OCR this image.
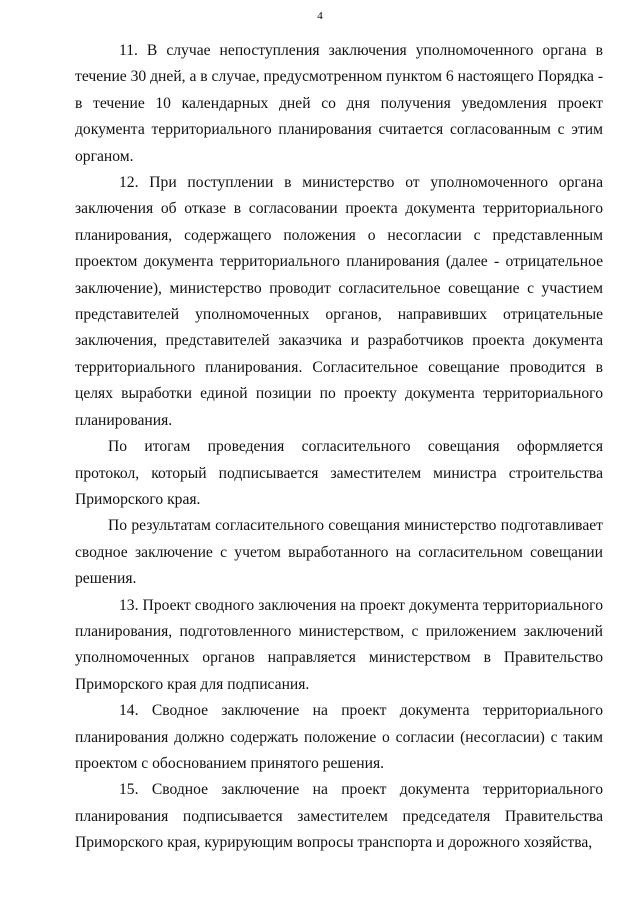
4

11. В случае непоступления заключения уполномоченного органа в течение 30 дней, а в случае, предусмотренном пунктом 6 настоящего Порядка - в течение 10 календарных дней со дня получения уведомления проект документа территориального планирования считается согласованным с этим органом.

12. При поступлении в министерство от уполномоченного органа заключения об отказе в согласовании проекта документа территориального планирования, содержащего положения о несогласии с представленным проектом документа территориального планирования (далее - отрицательное заключение), министерство проводит согласительное совещание с участием представителей уполномоченных органов, направивших отрицательные заключения, представителей заказчика и разработчиков проекта документа территориального планирования. Согласительное совещание проводится в целях выработки единой позиции по проекту документа территориального планирования.

По итогам проведения согласительного совещания оформляется протокол, который подписывается заместителем министра строительства Приморского края.

По результатам согласительного совещания министерство подготавливает сводное заключение с учетом выработанного на согласительном совещании решения.

13. Проект сводного заключения на проект документа территориального планирования, подготовленного министерством, с приложением заключений уполномоченных органов направляется министерством в Правительство Приморского края для подписания.

14. Сводное заключение на проект документа территориального планирования должно содержать положение о согласии (несогласии) с таким проектом с обоснованием принятого решения.

15. Сводное заключение на проект документа территориального планирования подписывается заместителем председателя Правительства Приморского края, курирующим вопросы транспорта и дорожного хозяйства,
